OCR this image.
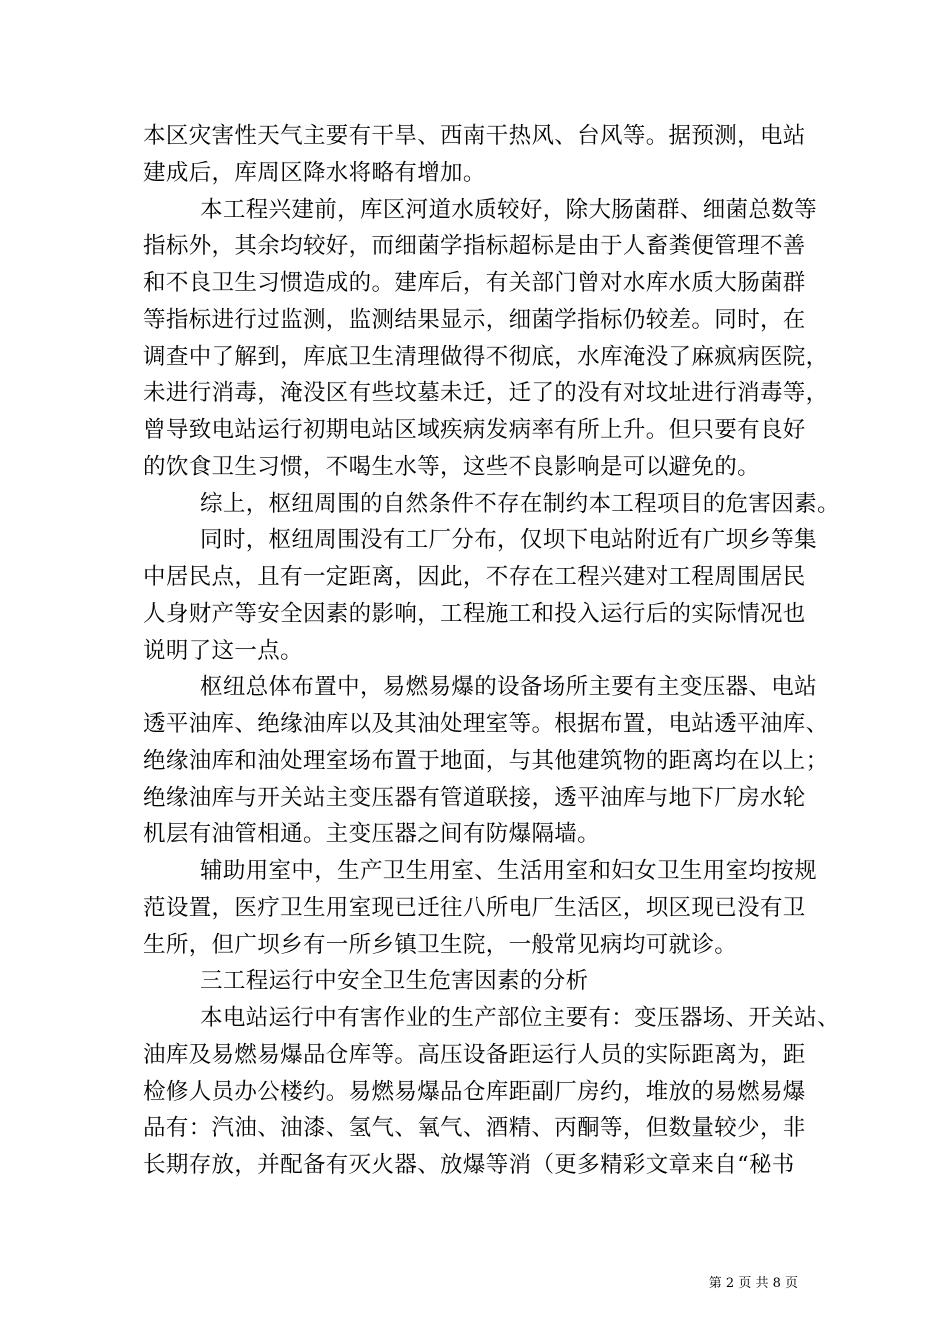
本区灾害性天气主要有干旱、西南干热风、台风等。据预测，电站
建成后，库周区降水将略有增加。
本工程兴建前，库区河道水质较好，除大肠菌群、细菌总数等
指标外，其余均较好，而细菌学指标超标是由于人畜粪便管理不善
和不良卫生习惯造成的。建库后，有关部门曾对水库水质大肠菌群
等指标进行过监测，监测结果显示，细菌学指标仍较差。同时，在
调查中了解到，库底卫生清理做得不彻底，水库淹没了麻疯病医院，
未进行消毒，淹没区有些坟墓未迁，迁了的没有对坟址进行消毒等，
曾导致电站运行初期电站区域疾病发病率有所上升。但只要有良好
的饮食卫生习惯，不喝生水等，这些不良影响是可以避免的。
综上，枢纽周围的自然条件不存在制约本工程项目的危害因素。
同时，枢纽周围没有工厂分布，仅坝下电站附近有广坝乡等集
中居民点，且有一定距离，因此，不存在工程兴建对工程周围居民
人身财产等安全因素的影响，工程施工和投入运行后的实际情况也
说明了这一点。
枢纽总体布置中，易燃易爆的设备场所主要有主变压器、电站
透平油库、绝缘油库以及其油处理室等。根据布置，电站透平油库、
绝缘油库和油处理室场布置于地面，与其他建筑物的距离均在以上；
绝缘油库与开关站主变压器有管道联接，透平油库与地下厂房水轮
机层有油管相通。主变压器之间有防爆隔墙。
辅助用室中，生产卫生用室、生活用室和妇女卫生用室均按规
范设置，医疗卫生用室现已迁往八所电厂生活区，坝区现已没有卫
生所，但广坝乡有一所乡镇卫生院，一般常见病均可就诊。
三工程运行中安全卫生危害因素的分析
本电站运行中有害作业的生产部位主要有：变压器场、开关站、
油库及易燃易爆品仓库等。高压设备距运行人员的实际距离为，距
检修人员办公楼约。易燃易爆品仓库距副厂房约，堆放的易燃易爆
品有：汽油、油漆、氢气、氧气、酒精、丙酮等，但数量较少，非
长期存放，并配备有灭火器、放爆等消（更多精彩文章来自“秘书
第 2 页 共 8 页
